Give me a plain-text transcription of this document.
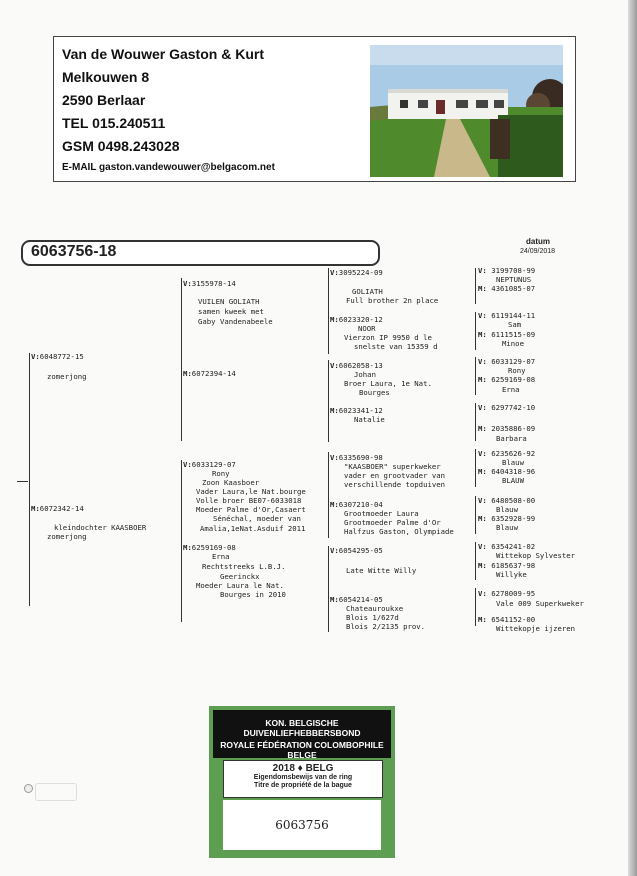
Van de Wouwer Gaston & Kurt
Melkouwen 8
2590 Berlaar
TEL 015.240511
GSM 0498.243028
E-MAIL gaston.vandewouwer@belgacom.net
6063756-18
datum
24/09/2018
V:6048772-15
zomerjong
M:6072342-14
kleindochter KAASBOER
zomerjong
V:3155978-14
VUILEN GOLIATH
samen kweek met
Gaby Vandenabeele
M:6072394-14
V:6033129-07
Rony
Zoon Kaasboer
Vader Laura,le Nat.bourge
Volle broer BE07-6033018
Moeder Palme d'Or,Casaert
Sénéchal, moeder van
Amalia,1eNat.Asduif 2011
M:6259169-08
Erna
Rechtstreeks L.B.J.
Geerinckx
Moeder Laura le Nat.
Bourges in 2010
V:3095224-09
GOLIATH
Full brother 2n place
M:6023320-12
NOOR
Vierzon IP 9950 d le
snelste van 15359 d
V:6062058-13
Johan
Broer Laura, 1e Nat.
Bourges
M:6023341-12
Natalie
V:6335690-98
"KAASBOER" superkweker
vader en grootvader van
verschillende topduiven
M:6307210-04
Grootmoeder Laura
Grootmoeder Palme d'Or
Halfzus Gaston, Olympiade
V:6054295-05
Late Witte Willy
M:6054214-05
Chateauroukxe
Blois 1/627d
Blois 2/2135 prov.
V: 3199708-99
NEPTUNUS
M: 4361085-07
V: 6119144-11
Sam
M: 6111515-09
Minoe
V: 6033129-07
Rony
M: 6259169-08
Erna
V: 6297742-10
M: 2035886-09
Barbara
V: 6235626-92
Blauw
M: 6404318-96
BLAUW
V: 6480508-00
Blauw
M: 6352928-99
Blauw
V: 6354241-02
Wittekop Sylvester
M: 6185637-98
Willyke
V: 6278009-95
Vale 009 Superkweker
M: 6541152-00
Wittekopje ijzeren
KON. BELGISCHE DUIVENLIEFHEBBERSBOND
ROYALE FÉDÉRATION COLOMBOPHILE BELGE
2018 ♦ BELG
Eigendomsbewijs van de ring
Titre de propriété de la bague
6063756
